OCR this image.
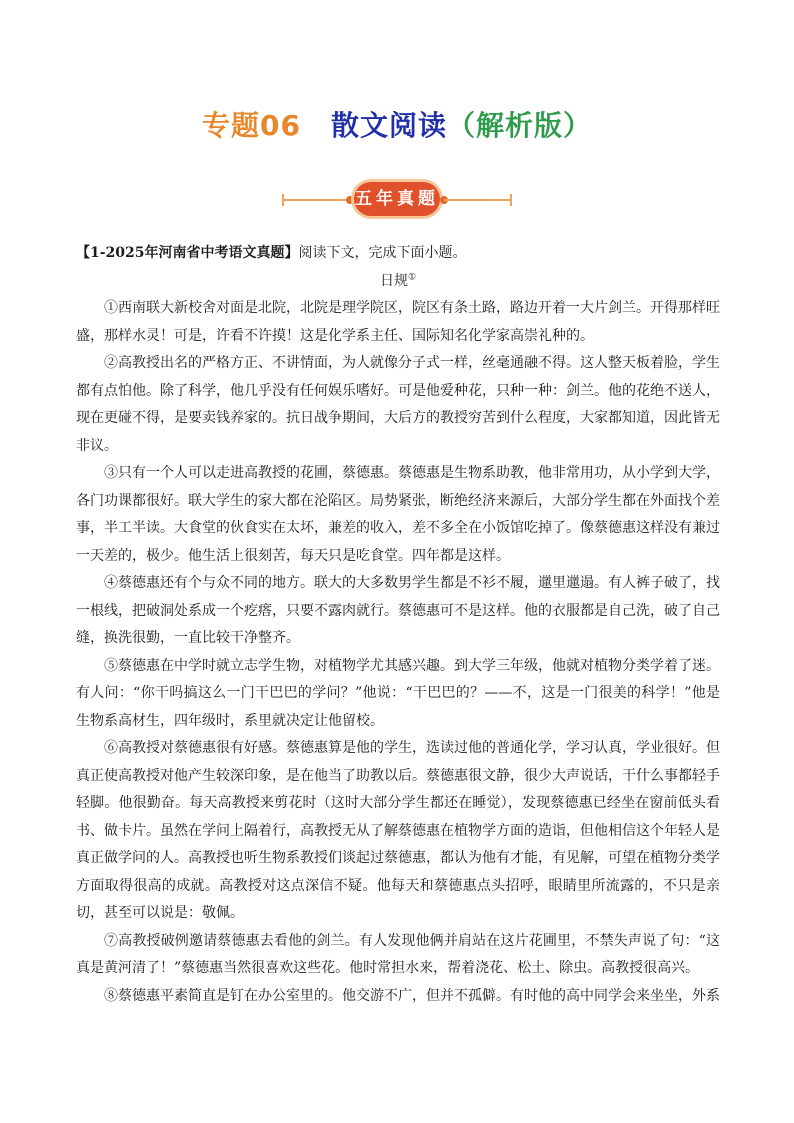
专题06 散文阅读（解析版）
五年真题

【1-2025年河南省中考语文真题】阅读下文，完成下面小题。

日规①

①西南联大新校舍对面是北院，北院是理学院区，院区有条土路，路边开着一大片剑兰。开得那样旺盛，那样水灵！可是，许看不许摸！这是化学系主任、国际知名化学家高崇礼种的。

②高教授出名的严格方正、不讲情面，为人就像分子式一样，丝毫通融不得。这人整天板着脸，学生都有点怕他。除了科学，他几乎没有任何娱乐嗜好。可是他爱种花，只种一种：剑兰。他的花绝不送人，现在更碰不得，是要卖钱养家的。抗日战争期间，大后方的教授穷苦到什么程度，大家都知道，因此皆无非议。

③只有一个人可以走进高教授的花圃，蔡德惠。蔡德惠是生物系助教，他非常用功，从小学到大学，各门功课都很好。联大学生的家大都在沦陷区。局势紧张，断绝经济来源后，大部分学生都在外面找个差事，半工半读。大食堂的伙食实在太坏，兼差的收入，差不多全在小饭馆吃掉了。像蔡德惠这样没有兼过一天差的，极少。他生活上很刻苦，每天只是吃食堂。四年都是这样。

④蔡德惠还有个与众不同的地方。联大的大多数男学生都是不衫不履，邋里邋遢。有人裤子破了，找一根线，把破洞处系成一个疙瘩，只要不露肉就行。蔡德惠可不是这样。他的衣服都是自己洗，破了自己缝，换洗很勤，一直比较干净整齐。

⑤蔡德惠在中学时就立志学生物，对植物学尤其感兴趣。到大学三年级，他就对植物分类学着了迷。有人问：“你干吗搞这么一门干巴巴的学问？”他说：“干巴巴的？——不，这是一门很美的科学！”他是生物系高材生，四年级时，系里就决定让他留校。

⑥高教授对蔡德惠很有好感。蔡德惠算是他的学生，选读过他的普通化学，学习认真，学业很好。但真正使高教授对他产生较深印象，是在他当了助教以后。蔡德惠很文静，很少大声说话，干什么事都轻手轻脚。他很勤奋。每天高教授来剪花时（这时大部分学生都还在睡觉），发现蔡德惠已经坐在窗前低头看书、做卡片。虽然在学问上隔着行，高教授无从了解蔡德惠在植物学方面的造诣，但他相信这个年轻人是真正做学问的人。高教授也听生物系教授们谈起过蔡德惠，都认为他有才能，有见解，可望在植物分类学方面取得很高的成就。高教授对这点深信不疑。他每天和蔡德惠点头招呼，眼睛里所流露的，不只是亲切，甚至可以说是：敬佩。

⑦高教授破例邀请蔡德惠去看他的剑兰。有人发现他俩并肩站在这片花圃里，不禁失声说了句：“这真是黄河清了！”蔡德惠当然很喜欢这些花。他时常担水来，帮着浇花、松土、除虫。高教授很高兴。

⑧蔡德惠平素简直是钉在办公室里的。他交游不广，但并不孤僻。有时他的高中同学会来坐坐，外系
